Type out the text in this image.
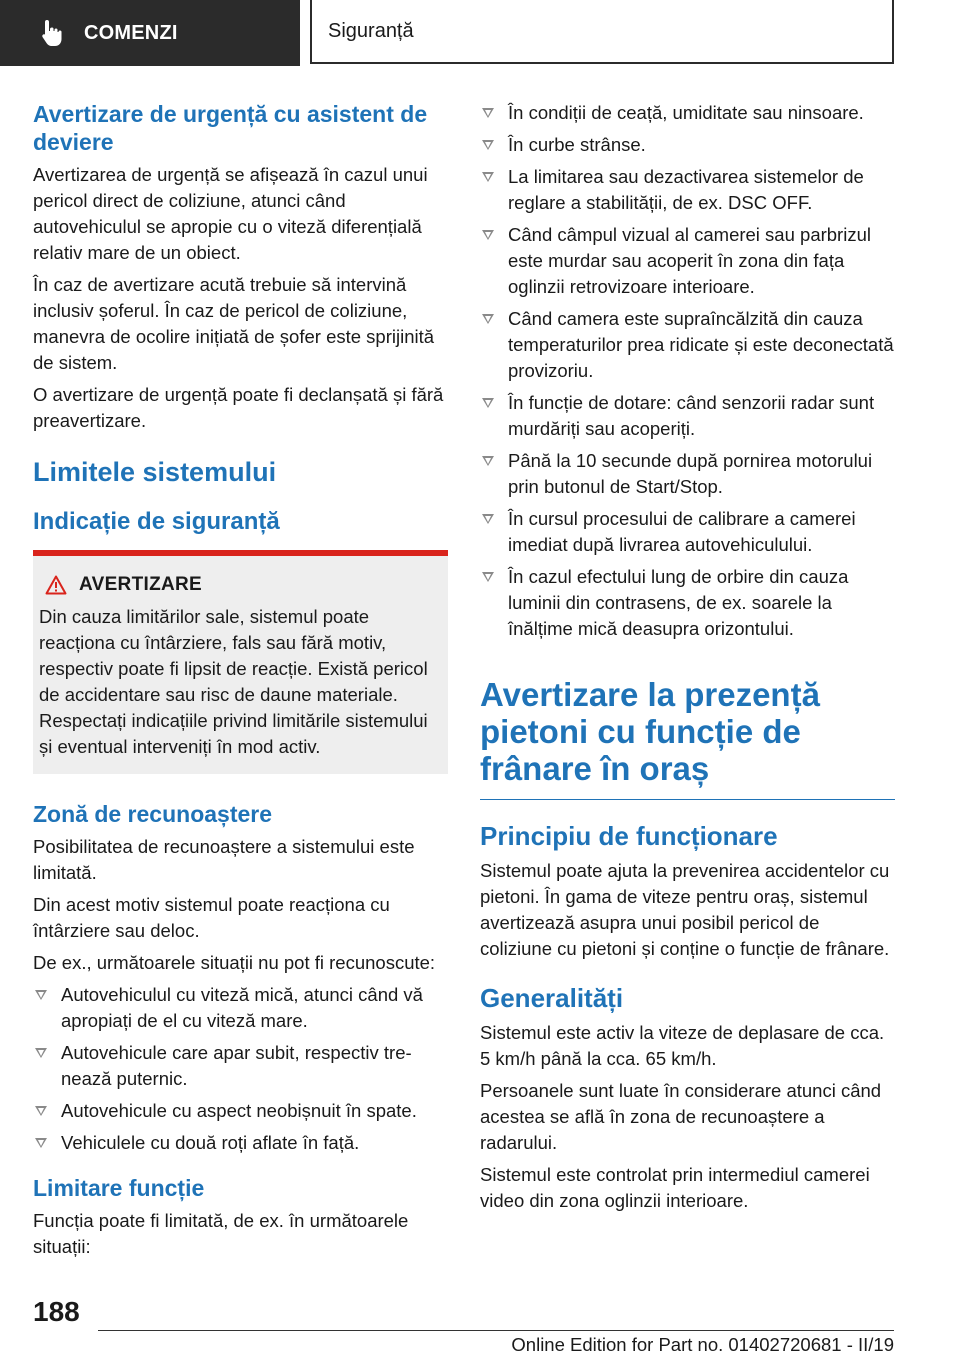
COMENZI	Siguranță
Avertizare de urgență cu asistent de deviere

Avertizarea de urgență se afișează în cazul unui pericol direct de coliziune, atunci când autovehiculul se apropie cu o viteză diferențială relativ mare de un obiect.

În caz de avertizare acută trebuie să intervină inclusiv șoferul. În caz de pericol de coliziune, manevra de ocolire inițiată de șofer este sprijinită de sistem.

O avertizare de urgență poate fi declanșată și fără preavertizare.

Limitele sistemului
Indicație de siguranță
AVERTIZARE

Din cauza limitărilor sale, sistemul poate reacționa cu întârziere, fals sau fără motiv, respectiv poate fi lipsit de reacție. Există pericol de accidentare sau risc de daune materiale. Respectați indicațiile privind limitările sistemului și eventual interveniți în mod activ.

Zonă de recunoaștere

Posibilitatea de recunoaștere a sistemului este limitată.

Din acest motiv sistemul poate reacționa cu întârziere sau deloc.

De ex., următoarele situații nu pot fi recunoscute:

Autovehiculul cu viteză mică, atunci când vă apropiați de el cu viteză mare.
Autovehicule care apar subit, respectiv trenează puternic.
Autovehicule cu aspect neobișnuit în spate.
Vehiculele cu două roți aflate în față.
Limitare funcție

Funcția poate fi limitată, de ex. în următoarele situații:

În condiții de ceață, umiditate sau ninsoare.
În curbe strânse.
La limitarea sau dezactivarea sistemelor de reglare a stabilității, de ex. DSC OFF.
Când câmpul vizual al camerei sau parbrizul este murdar sau acoperit în zona din fața oglinzii retrovizoare interioare.
Când camera este supraîncălzită din cauza temperaturilor prea ridicate și este deconectată provizoriu.
În funcție de dotare: când senzorii radar sunt murdăriți sau acoperiți.
Până la 10 secunde după pornirea motorului prin butonul de Start/Stop.
În cursul procesului de calibrare a camerei imediat după livrarea autovehiculului.
În cazul efectului lung de orbire din cauza luminii din contrasens, de ex. soarele la înălțime mică deasupra orizontului.
Avertizare la prezență pietoni cu funcție de frânare în oraș
Principiu de funcționare

Sistemul poate ajuta la prevenirea accidentelor cu pietoni. În gama de viteze pentru oraș, sistemul avertizează asupra unui posibil pericol de coliziune cu pietoni și conține o funcție de frânare.

Generalități

Sistemul este activ la viteze de deplasare de cca. 5 km/h până la cca. 65 km/h.

Persoanele sunt luate în considerare atunci când acestea se află în zona de recunoaștere a radarului.

Sistemul este controlat prin intermediul camerei video din zona oglinzii interioare.

188
Online Edition for Part no. 01402720681 - II/19
